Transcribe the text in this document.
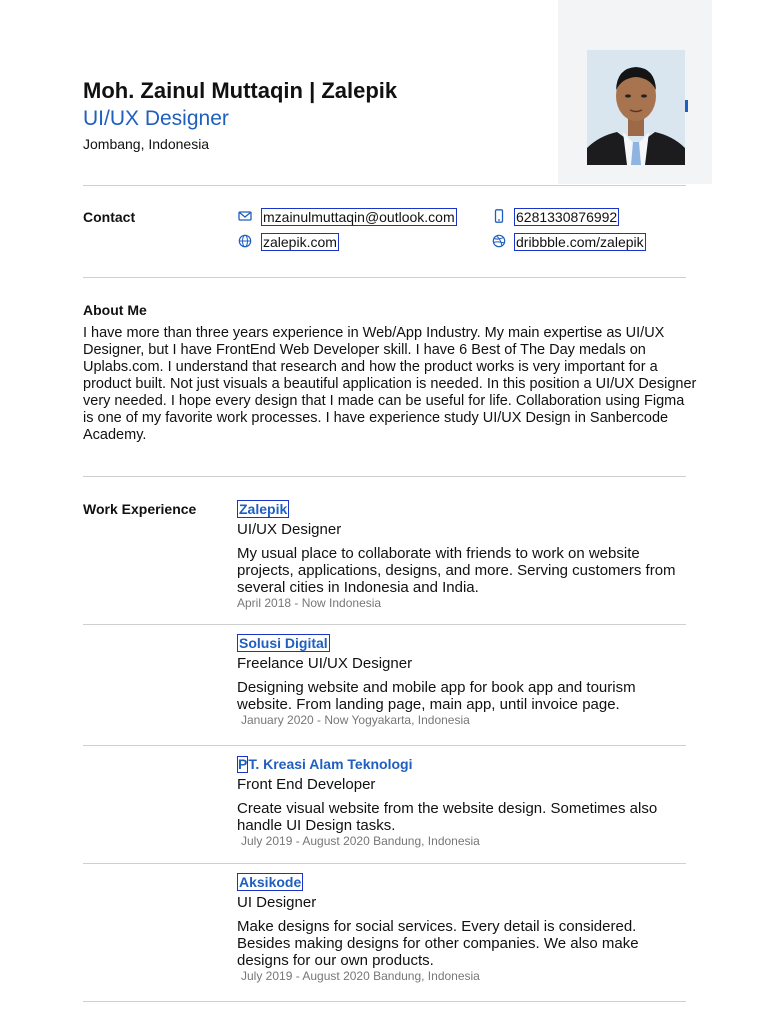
Moh. Zainul Muttaqin | Zalepik
UI/UX Designer
Jombang, Indonesia
Contact	mzainulmuttaqin@outlook.com	6281330876992
zalepik.com	dribbble.com/zalepik
About Me

I have more than three years experience in Web/App Industry. My main expertise as UI/UX Designer, but I have FrontEnd Web Developer skill. I have 6 Best of The Day medals on Uplabs.com. I understand that research and how the product works is very important for a product built. Not just visuals a beautiful application is needed. In this position a UI/UX Designer very needed. I hope every design that I made can be useful for life. Collaboration using Figma is one of my favorite work processes. I have experience study UI/UX Design in Sanbercode Academy.

Work Experience	Zalepik
UI/UX Designer
My usual place to collaborate with friends to work on website projects, applications, designs, and more. Serving customers from several cities in Indonesia and India.
April 2018 - Now Indonesia
Solusi Digital
Freelance UI/UX Designer
Designing website and mobile app for book app and tourism website. From landing page, main app, until invoice page.
January 2020 - Now Yogyakarta, Indonesia
PT. Kreasi Alam Teknologi
Front End Developer
Create visual website from the website design. Sometimes also handle UI Design tasks.
July 2019 - August 2020 Bandung, Indonesia
Aksikode
UI Designer
Make designs for social services. Every detail is considered. Besides making designs for other companies. We also make designs for our own products.
July 2019 - August 2020 Bandung, Indonesia
